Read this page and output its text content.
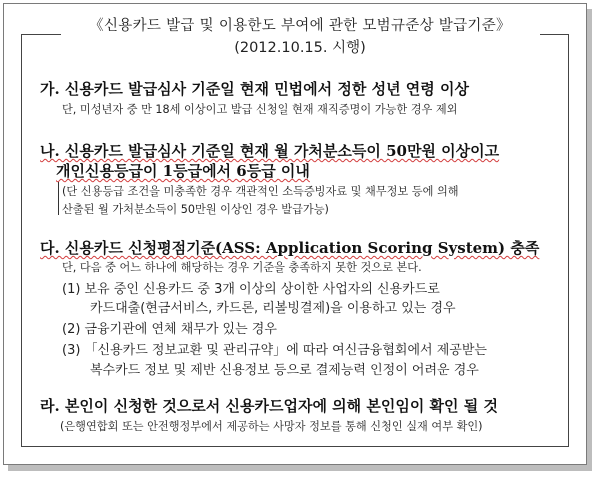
《신용카드 발급 및 이용한도 부여에 관한 모범규준상 발급기준》
(2012.10.15. 시행)
가. 신용카드 발급심사 기준일 현재 민법에서 정한 성년 연령 이상
단, 미성년자 중 만 18세 이상이고 발급 신청일 현재 재직증명이 가능한 경우 제외
나. 신용카드 발급심사 기준일 현재 월 가처분소득이 50만원 이상이고
개인신용등급이 1등급에서 6등급 이내
(단 신용등급 조건을 미충족한 경우 객관적인 소득증빙자료 및 채무정보 등에 의해
산출된 월 가처분소득이 50만원 이상인 경우 발급가능)
다. 신용카드 신청평점기준(ASS: Application Scoring System) 충족
단, 다음 중 어느 하나에 해당하는 경우 기준을 충족하지 못한 것으로 본다.
(1) 보유 중인 신용카드 중 3개 이상의 상이한 사업자의 신용카드로
카드대출(현금서비스, 카드론, 리볼빙결제)을 이용하고 있는 경우
(2) 금융기관에 연체 채무가 있는 경우
(3) 「신용카드 정보교환 및 관리규약」에 따라 여신금융협회에서 제공받는
복수카드 정보 및 제반 신용정보 등으로 결제능력 인정이 어려운 경우
라. 본인이 신청한 것으로서 신용카드업자에 의해 본인임이 확인 될 것
(은행연합회 또는 안전행정부에서 제공하는 사망자 정보를 통해 신청인 실재 여부 확인)
